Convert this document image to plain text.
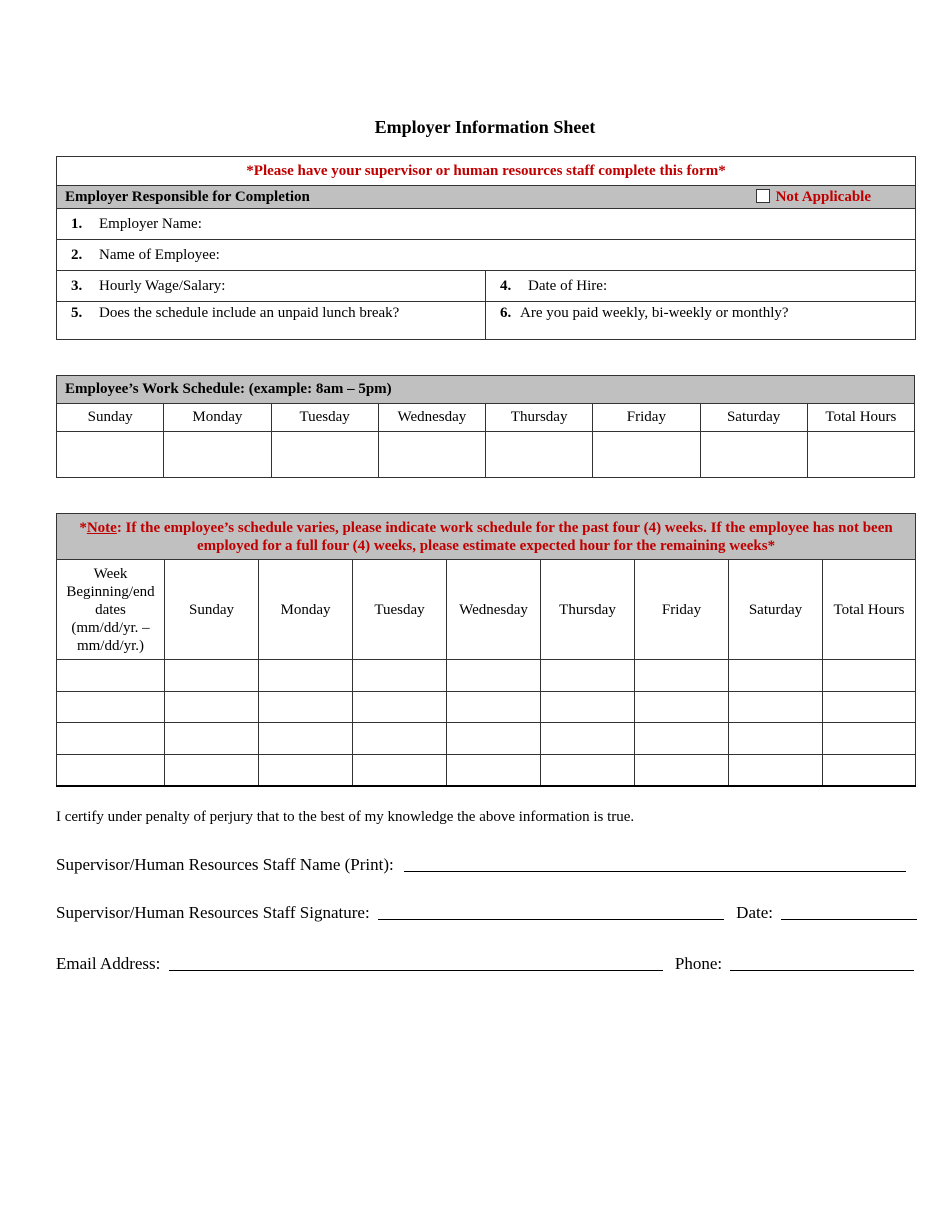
Employer Information Sheet
*Please have your supervisor or human resources staff complete this form*	
Employer Responsible for Completion Not Applicable	

1. Employer Name:	
2. Name of Employee:	
3. Hourly Wage/Salary:	4. Date of Hire:
5. Does the schedule include an unpaid lunch break?	6. Are you paid weekly, bi-weekly or monthly?
Employee’s Work Schedule: (example: 8am – 5pm)							
Sunday	Monday	Tuesday	Wednesday	Thursday	Friday	Saturday	Total Hours

*Note: If the employee’s schedule varies, please indicate work schedule for the past four (4) weeks. If the employee has not been employed for a full four (4) weeks, please estimate expected hour for the remaining weeks*								

Week
Beginning/end
dates
(mm/dd/yr. –
mm/dd/yr.)	Sunday	Monday	Tuesday	Wednesday	Thursday	Friday	Saturday	Total Hours

I certify under penalty of perjury that to the best of my knowledge the above information is true.
Supervisor/Human Resources Staff Name (Print):
Supervisor/Human Resources Staff Signature:	Date:
Email Address:	Phone:
